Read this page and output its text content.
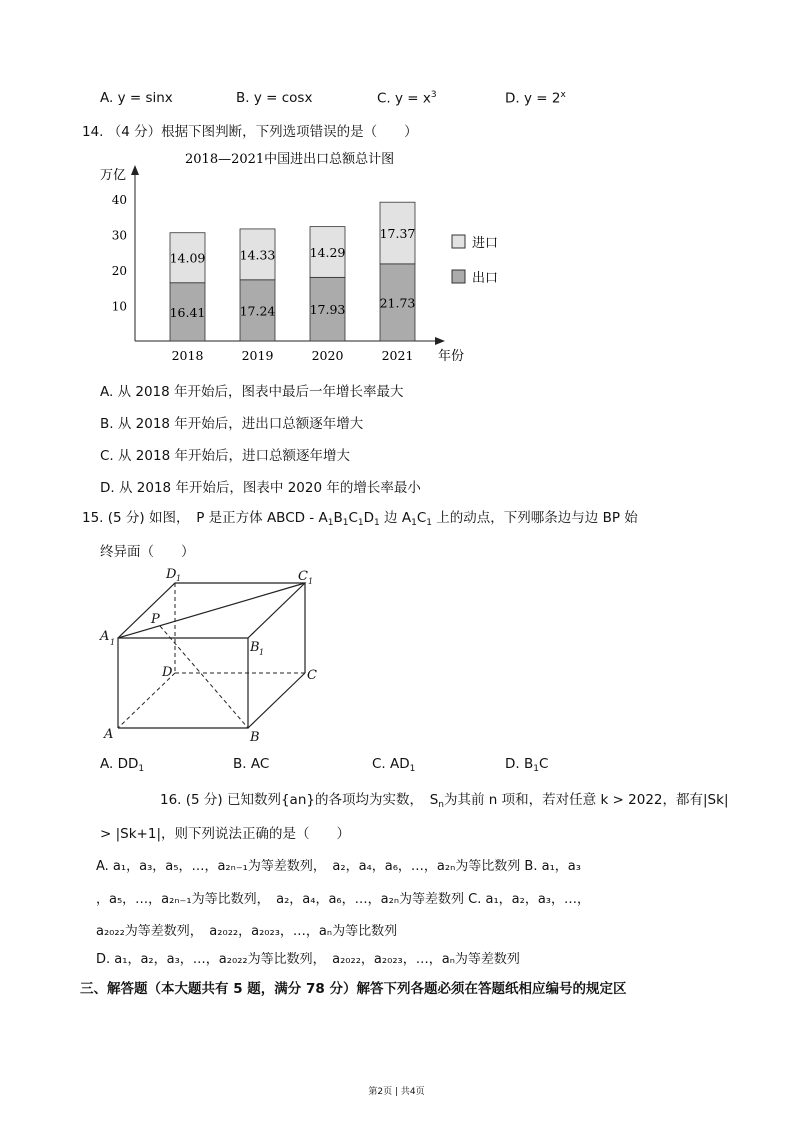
A. y = sinx	B. y = cosx	C. $y = x^3$	D. $y = 2^x$
14. （4 分）根据下图判断，下列选项错误的是（　　）
2018—2021中国进出口总额总计图
万亿
年份
10
20
30
40
16.41
14.09
2018
17.24
14.33
2019
17.93
14.29
2020
21.73
17.37
2021
进口
出口
A. 从 2018 年开始后，图表中最后一年增长率最大
B. 从 2018 年开始后，进出口总额逐年增大
C. 从 2018 年开始后，进口总额逐年增大
D. 从 2018 年开始后，图表中 2020 年的增长率最小
15. (5 分) 如图，　P 是正方体 ABCD - $A_1B_1C_1D_1$ 边 $A_1C_1$ 上的动点，下列哪条边与边 BP 始
终异面（　　）
D 1	C 1
A 1
P
B 1
D	C
A	B
A. $DD_1$	B. AC	C. $AD_1$	D. $B_1C$
16. (5 分) 已知数列{an}的各项均为实数，　$S_n$为其前 n 项和，若对任意 k > 2022，都有|Sk|
> |Sk+1|，则下列说法正确的是（　　）
A. a₁，a₃，a₅，…，a₂ₙ₋₁为等差数列，　a₂，a₄，a₆，…，a₂ₙ为等比数列 B. a₁，a₃
，a₅，…，a₂ₙ₋₁为等比数列，　a₂，a₄，a₆，…，a₂ₙ为等差数列 C. a₁，a₂，a₃，…，
a₂₀₂₂为等差数列，　a₂₀₂₂，a₂₀₂₃，…，aₙ为等比数列
D. a₁，a₂，a₃，…，a₂₀₂₂为等比数列，　a₂₀₂₂，a₂₀₂₃，…，aₙ为等差数列
三、解答题（本大题共有 5 题，满分 78 分）解答下列各题必须在答题纸相应编号的规定区
第2页 | 共4页
